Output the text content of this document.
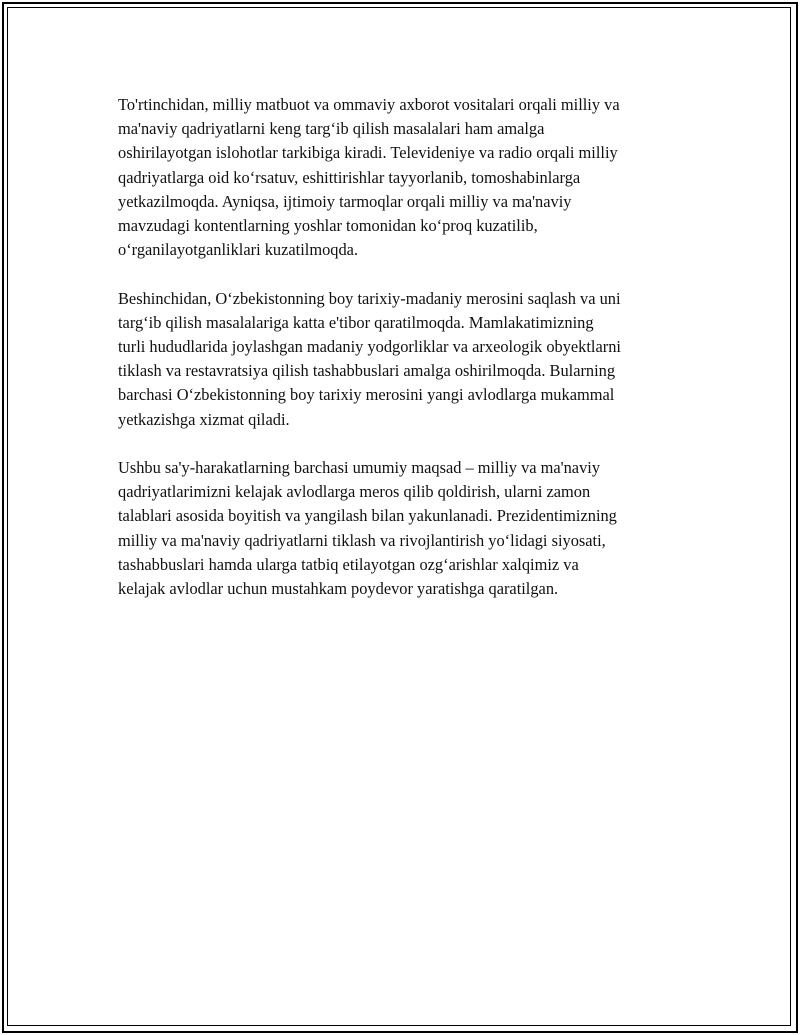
To'rtinchidan, milliy matbuot va ommaviy axborot vositalari orqali milliy va
ma'naviy qadriyatlarni keng targ‘ib qilish masalalari ham amalga
oshirilayotgan islohotlar tarkibiga kiradi. Televideniye va radio orqali milliy
qadriyatlarga oid ko‘rsatuv, eshittirishlar tayyorlanib, tomoshabinlarga
yetkazilmoqda. Ayniqsa, ijtimoiy tarmoqlar orqali milliy va ma'naviy
mavzudagi kontentlarning yoshlar tomonidan ko‘proq kuzatilib,
o‘rganilayotganliklari kuzatilmoqda.

Beshinchidan, O‘zbekistonning boy tarixiy-madaniy merosini saqlash va uni
targ‘ib qilish masalalariga katta e'tibor qaratilmoqda. Mamlakatimizning
turli hududlarida joylashgan madaniy yodgorliklar va arxeologik obyektlarni
tiklash va restavratsiya qilish tashabbuslari amalga oshirilmoqda. Bularning
barchasi O‘zbekistonning boy tarixiy merosini yangi avlodlarga mukammal
yetkazishga xizmat qiladi.

Ushbu sa'y-harakatlarning barchasi umumiy maqsad – milliy va ma'naviy
qadriyatlarimizni kelajak avlodlarga meros qilib qoldirish, ularni zamon
talablari asosida boyitish va yangilash bilan yakunlanadi. Prezidentimizning
milliy va ma'naviy qadriyatlarni tiklash va rivojlantirish yo‘lidagi siyosati,
tashabbuslari hamda ularga tatbiq etilayotgan ozg‘arishlar xalqimiz va
kelajak avlodlar uchun mustahkam poydevor yaratishga qaratilgan.
